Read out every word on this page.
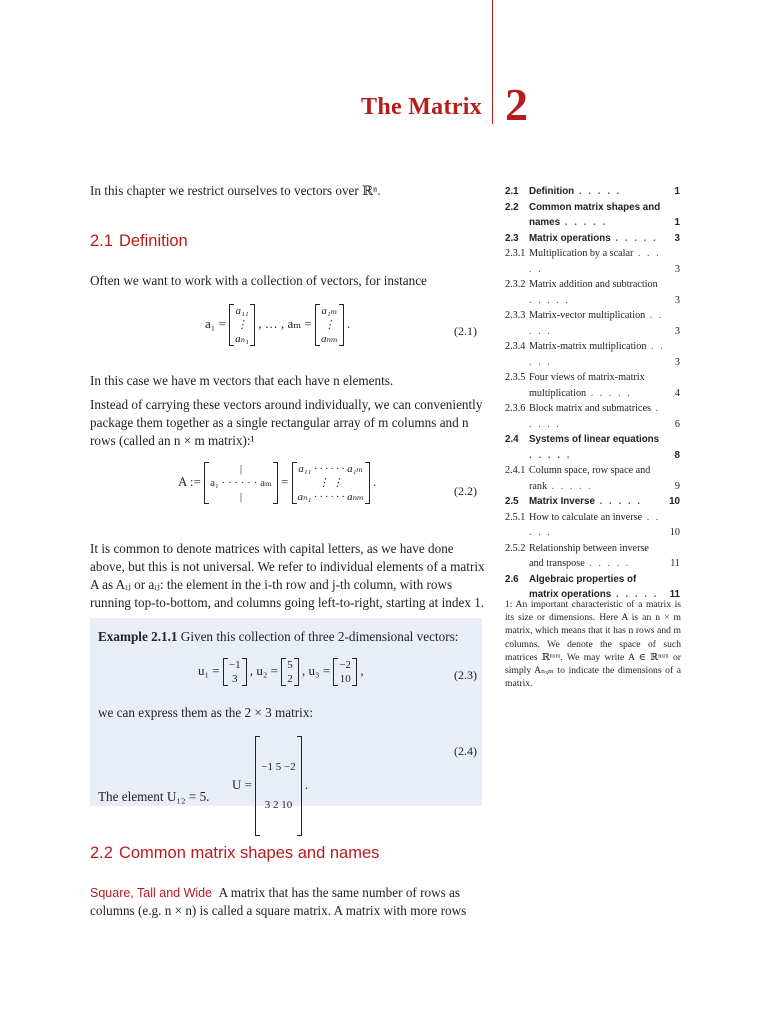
The Matrix 2
In this chapter we restrict ourselves to vectors over ℝⁿ.
2.1 Definition
Often we want to work with a collection of vectors, for instance
a₁ =
a₁₁
⋮
aₙ₁
, … , aₘ =
a₁ₘ
⋮
aₙₘ
.
(2.1)
In this case we have m vectors that each have n elements.
Instead of carrying these vectors around individually, we can conveniently package them together as a single rectangular array of m columns and n rows (called an n × m matrix):¹
A :=
|
a₁ · · · · · · aₘ
|
=
a₁₁ · · · · · · a₁ₘ
⋮ ⋮
aₙ₁ · · · · · · aₙₘ
.
(2.2)
It is common to denote matrices with capital letters, as we have done above, but this is not universal. We refer to individual elements of a matrix A as Aᵢⱼ or aᵢⱼ: the element in the i-th row and j-th column, with rows running top-to-bottom, and columns going left-to-right, starting at index 1.
Example 2.1.1 Given this collection of three 2-dimensional vectors:
u₁ = −1
3
, u₂ = 5
2
, u₃ = −2
10
,	(2.3)
we can express them as the 2 × 3 matrix:
U =

−1 5 −2

3 2 10

.
(2.4)
The element U₁₂ = 5.
2.2 Common matrix shapes and names
Square, Tall and Wide A matrix that has the same number of rows as columns (e.g. n × n) is called a square matrix. A matrix with more rows
2.1	Definition . . . . .	1
2.2	Common matrix shapes and names . . . . .	1
2.3	Matrix operations . . . . .	3
2.3.1 Multiplication by a scalar . . . . .	3
2.3.2 Matrix addition and subtraction . . . . .	3
2.3.3 Matrix-vector multiplication . . . . .	3
2.3.4 Matrix-matrix multiplication . . . . .	3
2.3.5 Four views of matrix-matrix multiplication . . . . .	4
2.3.6 Block matrix and submatrices . . . . .	6
2.4	Systems of linear equations . . . . .	8
2.4.1 Column space, row space and rank . . . . .	9
2.5	Matrix Inverse . . . . .	10
2.5.1 How to calculate an inverse . . . . .	10
2.5.2 Relationship between inverse and transpose . . . . .	11
2.6	Algebraic properties of matrix operations . . . . .	11
1: An important characteristic of a matrix is its size or dimensions. Here A is an n × m matrix, which means that it has n rows and m columns. We denote the space of such matrices ℝⁿˣᵐ. We may write A ∈ ℝⁿˣᵐ or simply Aₙₓₘ to indicate the dimensions of a matrix.
